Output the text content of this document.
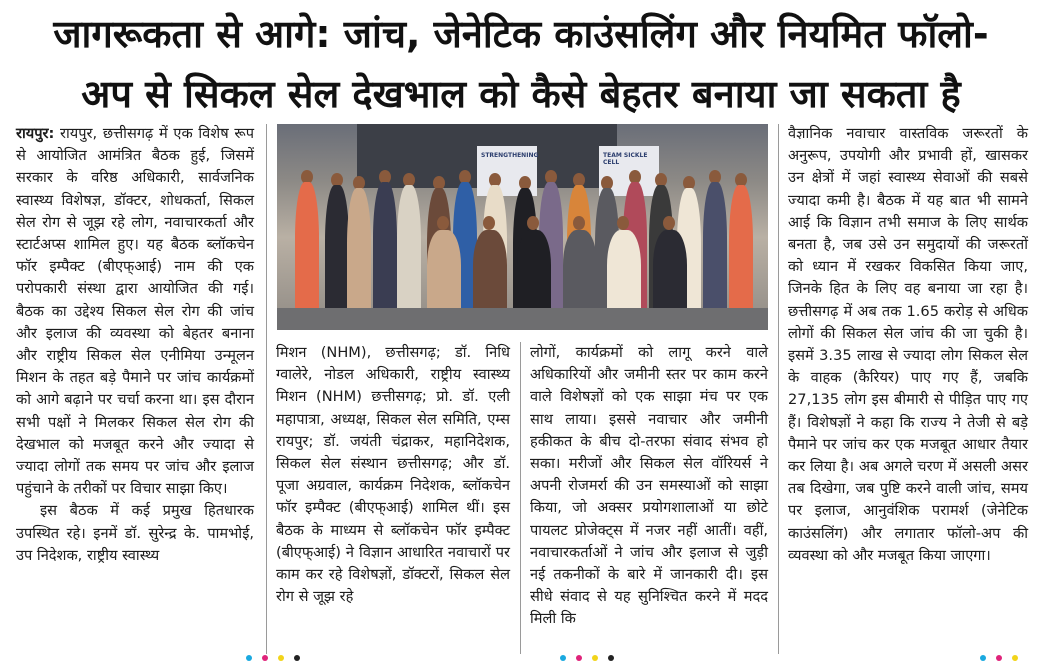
जागरूकता से आगे: जांच, जेनेटिक काउंसलिंग और नियमित फॉलो-
अप से सिकल सेल देखभाल को कैसे बेहतर बनाया जा सकता है

रायपुर: रायपुर, छत्तीसगढ़ में एक विशेष रूप से आयोजित आमंत्रित बैठक हुई, जिसमें सरकार के वरिष्ठ अधिकारी, सार्वजनिक स्वास्थ्य विशेषज्ञ, डॉक्टर, शोधकर्ता, सिकल सेल रोग से जूझ रहे लोग, नवाचारकर्ता और स्टार्टअप्स शामिल हुए। यह बैठक ब्लॉकचेन फॉर इम्पैक्ट (बीएफ्आई) नाम की एक परोपकारी संस्था द्वारा आयोजित की गई। बैठक का उद्देश्य सिकल सेल रोग की जांच और इलाज की व्यवस्था को बेहतर बनाना और राष्ट्रीय सिकल सेल एनीमिया उन्मूलन मिशन के तहत बड़े पैमाने पर जांच कार्यक्रमों को आगे बढ़ाने पर चर्चा करना था। इस दौरान सभी पक्षों ने मिलकर सिकल सेल रोग की देखभाल को मजबूत करने और ज्यादा से ज्यादा लोगों तक समय पर जांच और इलाज पहुंचाने के तरीकों पर विचार साझा किए।

इस बैठक में कई प्रमुख हितधारक उपस्थित रहे। इनमें डॉ. सुरेन्द्र के. पामभोई, उप निदेशक, राष्ट्रीय स्वास्थ्य

STRENGTHENING	TEAM SICKLE CELL
मिशन (NHM), छत्तीसगढ़; डॉ. निधि ग्वालेरे, नोडल अधिकारी, राष्ट्रीय स्वास्थ्य मिशन (NHM) छत्तीसगढ़; प्रो. डॉ. एली महापात्रा, अध्यक्ष, सिकल सेल समिति, एम्स रायपुर; डॉ. जयंती चंद्राकर, महानिदेशक, सिकल सेल संस्थान छत्तीसगढ़; और डॉ. पूजा अग्रवाल, कार्यक्रम निदेशक, ब्लॉकचेन फॉर इम्पैक्ट (बीएफ्आई) शामिल थीं। इस बैठक के माध्यम से ब्लॉकचेन फॉर इम्पैक्ट (बीएफ्आई) ने विज्ञान आधारित नवाचारों पर काम कर रहे विशेषज्ञों, डॉक्टरों, सिकल सेल रोग से जूझ रहे
लोगों, कार्यक्रमों को लागू करने वाले अधिकारियों और जमीनी स्तर पर काम करने वाले विशेषज्ञों को एक साझा मंच पर एक साथ लाया। इससे नवाचार और जमीनी हकीकत के बीच दो-तरफा संवाद संभव हो सका। मरीजों और सिकल सेल वॉरियर्स ने अपनी रोजमर्रा की उन समस्याओं को साझा किया, जो अक्सर प्रयोगशालाओं या छोटे पायलट प्रोजेक्ट्स में नजर नहीं आतीं। वहीं, नवाचारकर्ताओं ने जांच और इलाज से जुड़ी नई तकनीकों के बारे में जानकारी दी। इस सीधे संवाद से यह सुनिश्चित करने में मदद मिली कि
वैज्ञानिक नवाचार वास्तविक जरूरतों के अनुरूप, उपयोगी और प्रभावी हों, खासकर उन क्षेत्रों में जहां स्वास्थ्य सेवाओं की सबसे ज्यादा कमी है। बैठक में यह बात भी सामने आई कि विज्ञान तभी समाज के लिए सार्थक बनता है, जब उसे उन समुदायों की जरूरतों को ध्यान में रखकर विकसित किया जाए, जिनके हित के लिए वह बनाया जा रहा है। छत्तीसगढ़ में अब तक 1.65 करोड़ से अधिक लोगों की सिकल सेल जांच की जा चुकी है। इसमें 3.35 लाख से ज्यादा लोग सिकल सेल के वाहक (कैरियर) पाए गए हैं, जबकि 27,135 लोग इस बीमारी से पीड़ित पाए गए हैं। विशेषज्ञों ने कहा कि राज्य ने तेजी से बड़े पैमाने पर जांच कर एक मजबूत आधार तैयार कर लिया है। अब अगले चरण में असली असर तब दिखेगा, जब पुष्टि करने वाली जांच, समय पर इलाज, आनुवंशिक परामर्श (जेनेटिक काउंसलिंग) और लगातार फॉलो-अप की व्यवस्था को और मजबूत किया जाएगा।
